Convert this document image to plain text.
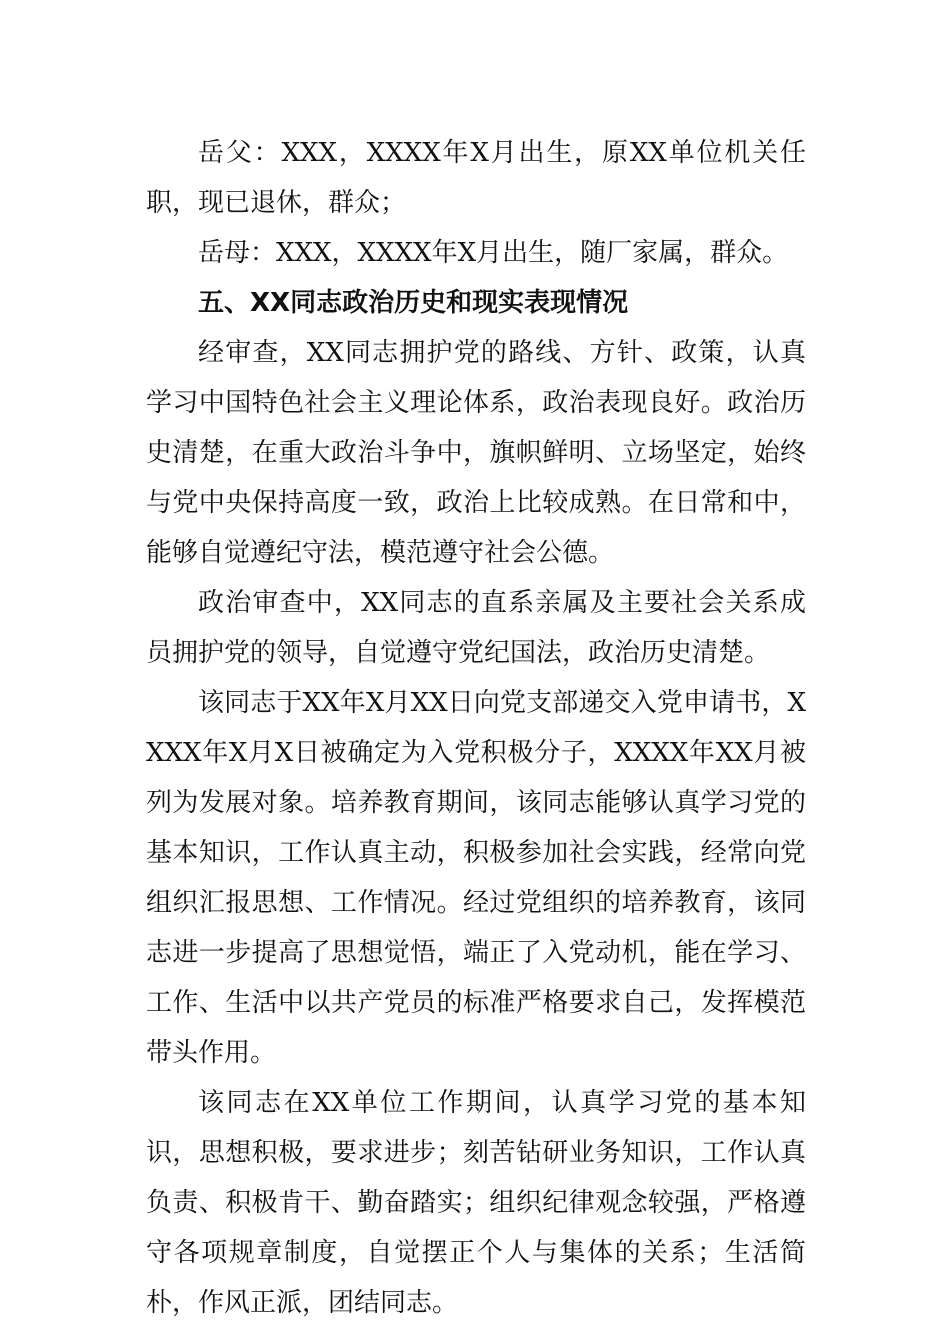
岳父：XXX，XXXX年X月出生，原XX单位机关任职，现已退休，群众；

岳母：XXX，XXXX年X月出生，随厂家属，群众。

五、XX同志政治历史和现实表现情况

经审查，XX同志拥护党的路线、方针、政策，认真学习中国特色社会主义理论体系，政治表现良好。政治历史清楚，在重大政治斗争中，旗帜鲜明、立场坚定，始终与党中央保持高度一致，政治上比较成熟。在日常和中，能够自觉遵纪守法，模范遵守社会公德。

政治审查中，XX同志的直系亲属及主要社会关系成员拥护党的领导，自觉遵守党纪国法，政治历史清楚。

该同志于XX年X月XX日向党支部递交入党申请书，XXXX年X月X日被确定为入党积极分子，XXXX年XX月被列为发展对象。培养教育期间，该同志能够认真学习党的基本知识，工作认真主动，积极参加社会实践，经常向党组织汇报思想、工作情况。经过党组织的培养教育，该同志进一步提高了思想觉悟，端正了入党动机，能在学习、工作、生活中以共产党员的标准严格要求自己，发挥模范带头作用。

该同志在XX单位工作期间，认真学习党的基本知识，思想积极，要求进步；刻苦钻研业务知识，工作认真负责、积极肯干、勤奋踏实；组织纪律观念较强，严格遵守各项规章制度，自觉摆正个人与集体的关系；生活简朴，作风正派，团结同志。
